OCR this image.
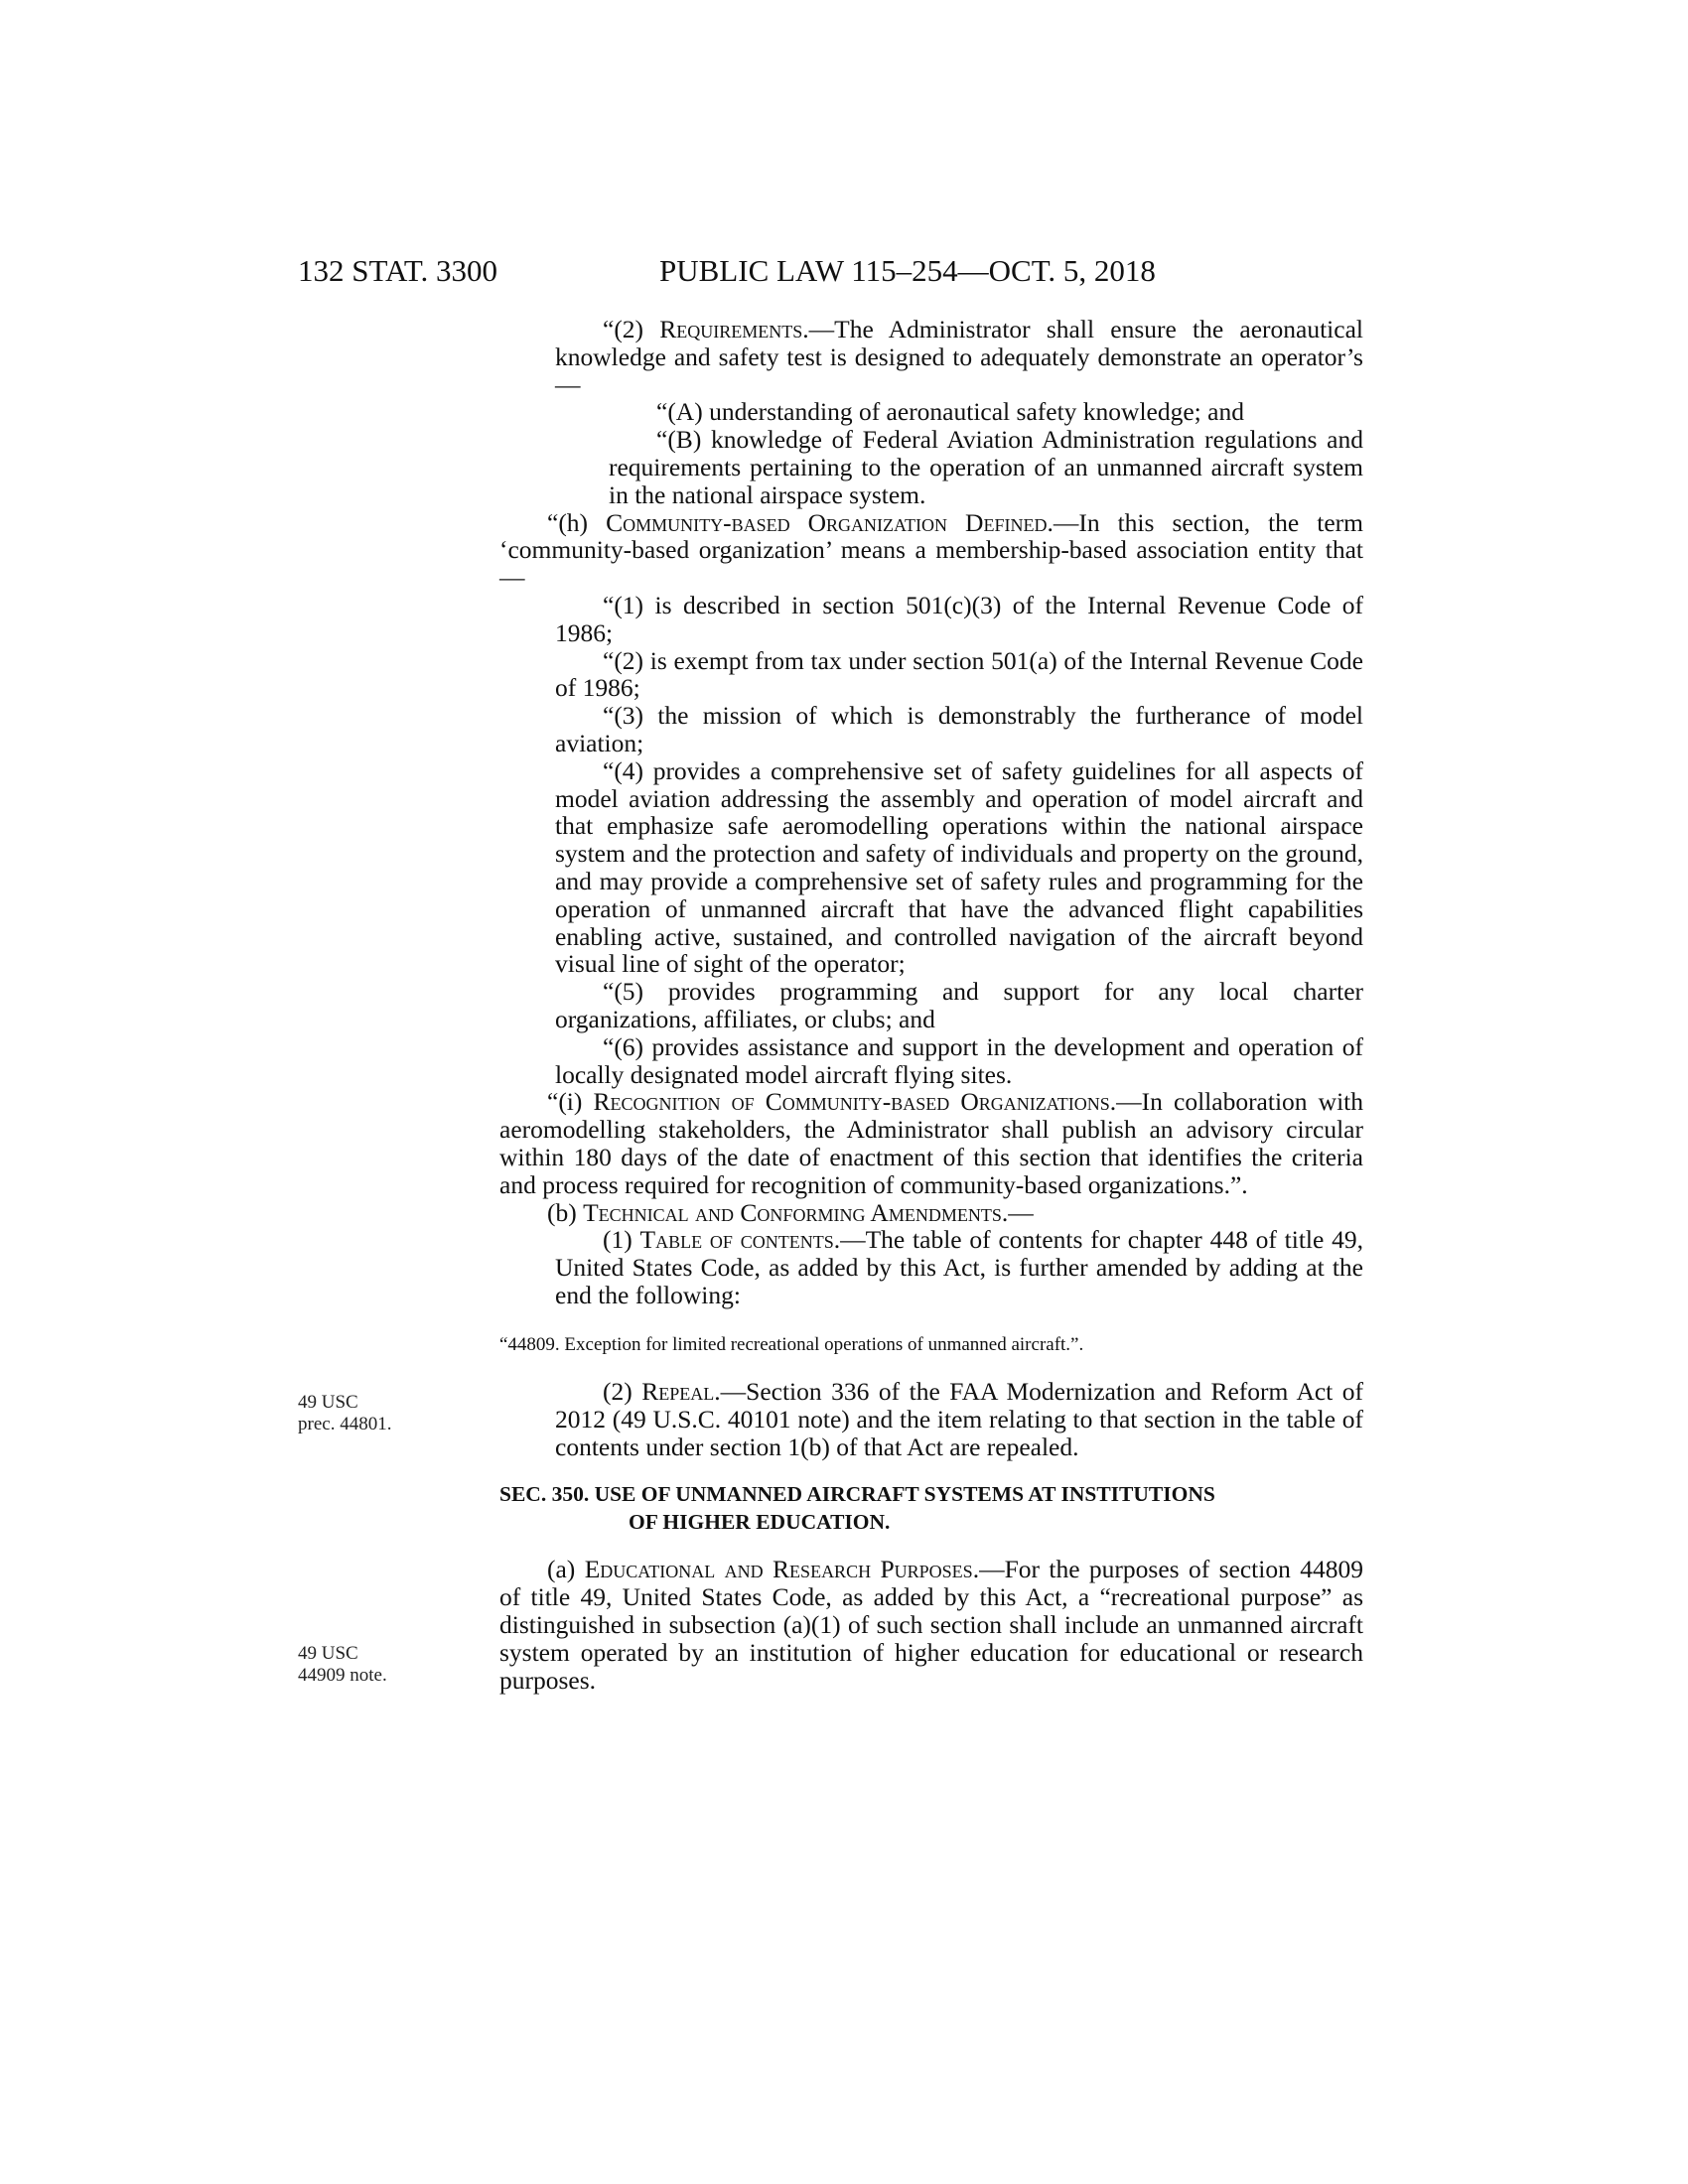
132 STAT. 3300	PUBLIC LAW 115–254—OCT. 5, 2018
49 USC
prec. 44801.
49 USC
44909 note.

“(2) Requirements.—The Administrator shall ensure the aeronautical knowledge and safety test is designed to adequately demonstrate an operator’s—

“(A) understanding of aeronautical safety knowledge; and

“(B) knowledge of Federal Aviation Administration regulations and requirements pertaining to the operation of an unmanned aircraft system in the national airspace system.

“(h) Community-based Organization Defined.—In this section, the term ‘community-based organization’ means a membership-based association entity that—

“(1) is described in section 501(c)(3) of the Internal Revenue Code of 1986;

“(2) is exempt from tax under section 501(a) of the Internal Revenue Code of 1986;

“(3) the mission of which is demonstrably the furtherance of model aviation;

“(4) provides a comprehensive set of safety guidelines for all aspects of model aviation addressing the assembly and operation of model aircraft and that emphasize safe aeromodelling operations within the national airspace system and the protection and safety of individuals and property on the ground, and may provide a comprehensive set of safety rules and programming for the operation of unmanned aircraft that have the advanced flight capabilities enabling active, sustained, and controlled navigation of the aircraft beyond visual line of sight of the operator;

“(5) provides programming and support for any local charter organizations, affiliates, or clubs; and

“(6) provides assistance and support in the development and operation of locally designated model aircraft flying sites.

“(i) Recognition of Community-based Organizations.—In collaboration with aeromodelling stakeholders, the Administrator shall publish an advisory circular within 180 days of the date of enactment of this section that identifies the criteria and process required for recognition of community-based organizations.”.

(b) Technical and Conforming Amendments.—

(1) Table of contents.—The table of contents for chapter 448 of title 49, United States Code, as added by this Act, is further amended by adding at the end the following:

“44809. Exception for limited recreational operations of unmanned aircraft.”.

(2) Repeal.—Section 336 of the FAA Modernization and Reform Act of 2012 (49 U.S.C. 40101 note) and the item relating to that section in the table of contents under section 1(b) of that Act are repealed.

SEC. 350. USE OF UNMANNED AIRCRAFT SYSTEMS AT INSTITUTIONS
OF HIGHER EDUCATION.

(a) Educational and Research Purposes.—For the purposes of section 44809 of title 49, United States Code, as added by this Act, a “recreational purpose” as distinguished in subsection (a)(1) of such section shall include an unmanned aircraft system operated by an institution of higher education for educational or research purposes.
